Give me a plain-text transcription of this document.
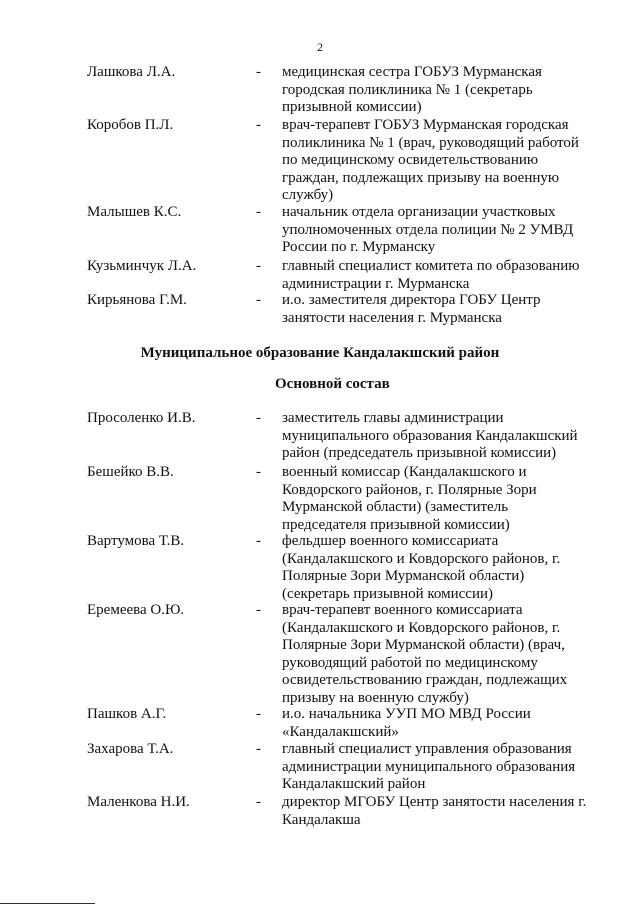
2
Лашкова Л.А.	- медицинская сестра ГОБУЗ Мурманская городская поликлиника № 1 (секретарь призывной комиссии)
Коробов П.Л.	- врач-терапевт ГОБУЗ Мурманская городская поликлиника № 1 (врач, руководящий работой по медицинскому освидетельствованию граждан, подлежащих призыву на военную службу)
Малышев К.С.	- начальник отдела организации участковых уполномоченных отдела полиции № 2 УМВД России по г. Мурманску
Кузьминчук Л.А.	- главный специалист комитета по образованию администрации г. Мурманска
Кирьянова Г.М.	- и.о. заместителя директора ГОБУ Центр занятости населения г. Мурманска
Муниципальное образование Кандалакшский район
Основной состав
Просоленко И.В.	- заместитель главы администрации муниципального образования Кандалакшский район (председатель призывной комиссии)
Бешейко В.В.	- военный комиссар (Кандалакшского и Ковдорского районов, г. Полярные Зори Мурманской области) (заместитель председателя призывной комиссии)
Вартумова Т.В.	- фельдшер военного комиссариата (Кандалакшского и Ковдорского районов, г. Полярные Зори Мурманской области) (секретарь призывной комиссии)
Еремеева О.Ю.	- врач-терапевт военного комиссариата (Кандалакшского и Ковдорского районов, г. Полярные Зори Мурманской области) (врач, руководящий работой по медицинскому освидетельствованию граждан, подлежащих призыву на военную службу)
Пашков А.Г.	- и.о. начальника УУП МО МВД России «Кандалакшский»
Захарова Т.А.	- главный специалист управления образования администрации муниципального образования Кандалакшский район
Маленкова Н.И.	- директор МГОБУ Центр занятости населения г. Кандалакша
